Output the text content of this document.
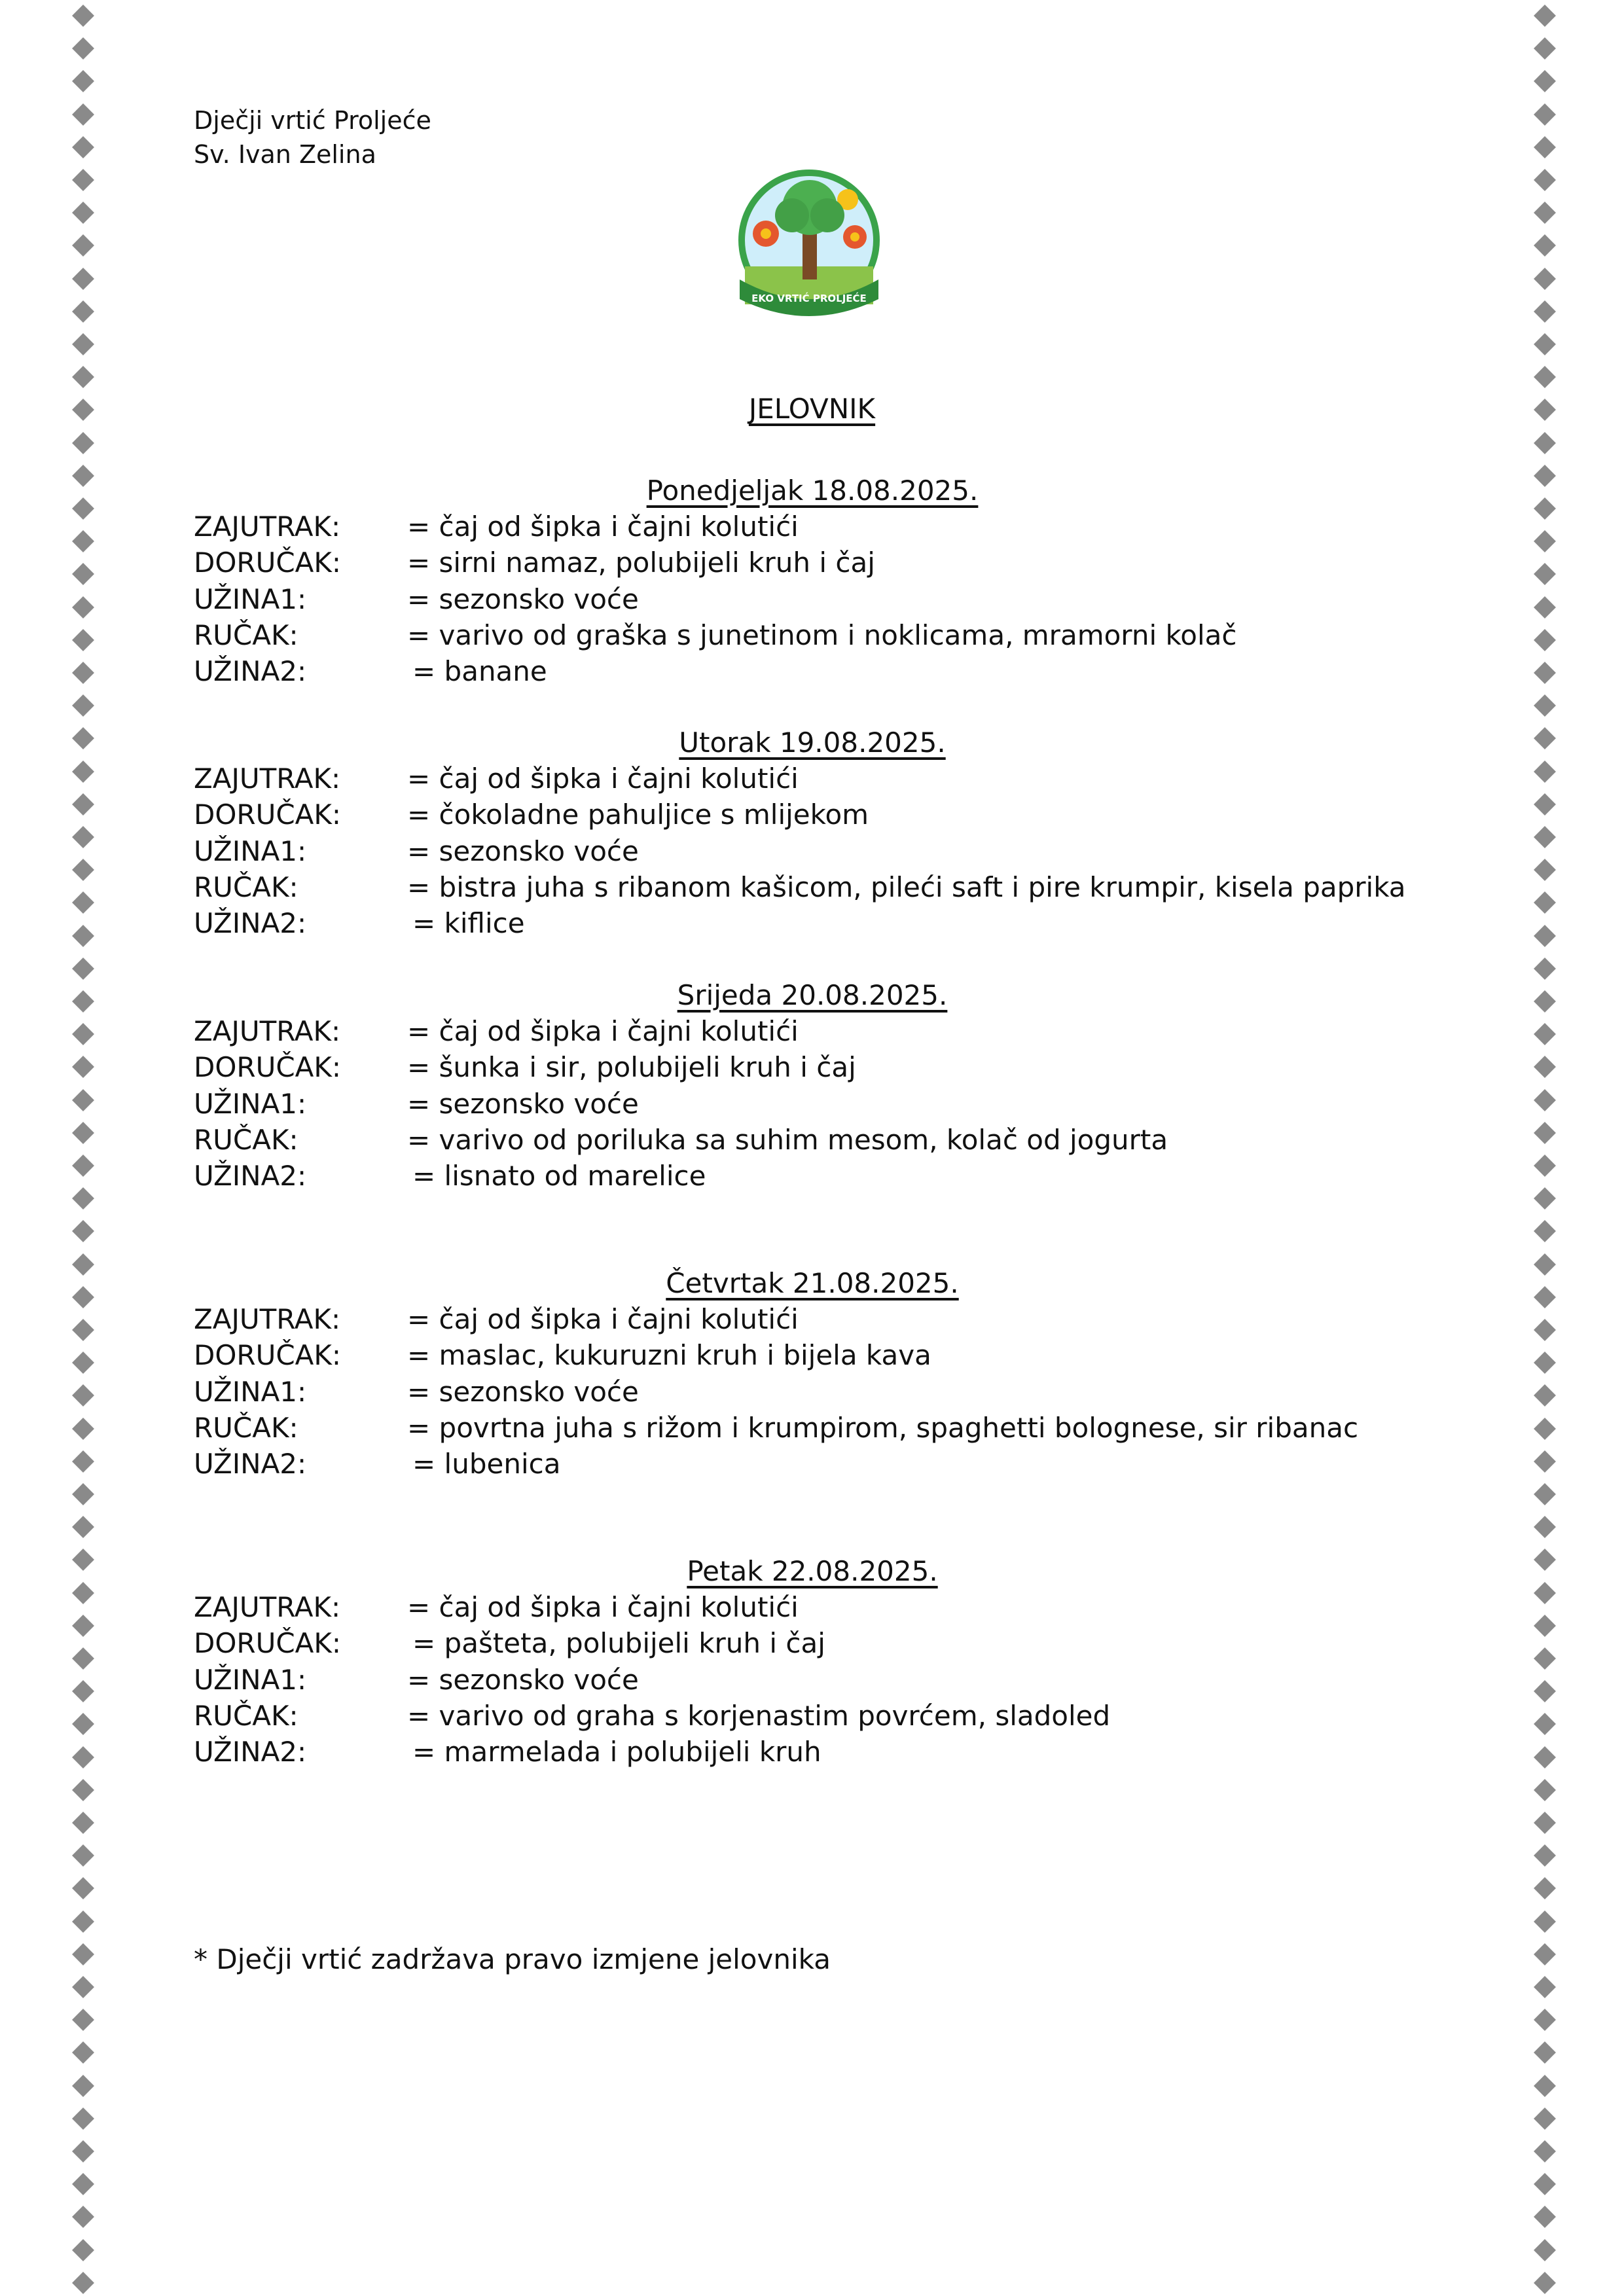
Dječji vrtić Proljeće
Sv. Ivan Zelina
EKO VRTIĆ PROLJEĆE
JELOVNIK
Ponedjeljak 18.08.2025.
ZAJUTRAK: = čaj od šipka i čajni kolutići
DORUČAK: = sirni namaz, polubijeli kruh i čaj
UŽINA1:	= sezonsko voće
RUČAK:	= varivo od graška s junetinom i noklicama, mramorni kolač
UŽINA2:	= banane
Utorak 19.08.2025.
ZAJUTRAK: = čaj od šipka i čajni kolutići
DORUČAK: = čokoladne pahuljice s mlijekom
UŽINA1:	= sezonsko voće
RUČAK:	= bistra juha s ribanom kašicom, pileći saft i pire krumpir, kisela paprika
UŽINA2:	= kiflice
Srijeda 20.08.2025.
ZAJUTRAK: = čaj od šipka i čajni kolutići
DORUČAK: = šunka i sir, polubijeli kruh i čaj
UŽINA1:	= sezonsko voće
RUČAK:	= varivo od poriluka sa suhim mesom, kolač od jogurta
UŽINA2:	= lisnato od marelice
Četvrtak 21.08.2025.
ZAJUTRAK: = čaj od šipka i čajni kolutići
DORUČAK: = maslac, kukuruzni kruh i bijela kava
UŽINA1:	= sezonsko voće
RUČAK:	= povrtna juha s rižom i krumpirom, spaghetti bolognese, sir ribanac
UŽINA2:	= lubenica
Petak 22.08.2025.
ZAJUTRAK: = čaj od šipka i čajni kolutići
DORUČAK:	= pašteta, polubijeli kruh i čaj
UŽINA1:	= sezonsko voće
RUČAK:	= varivo od graha s korjenastim povrćem, sladoled
UŽINA2:	= marmelada i polubijeli kruh
* Dječji vrtić zadržava pravo izmjene jelovnika
